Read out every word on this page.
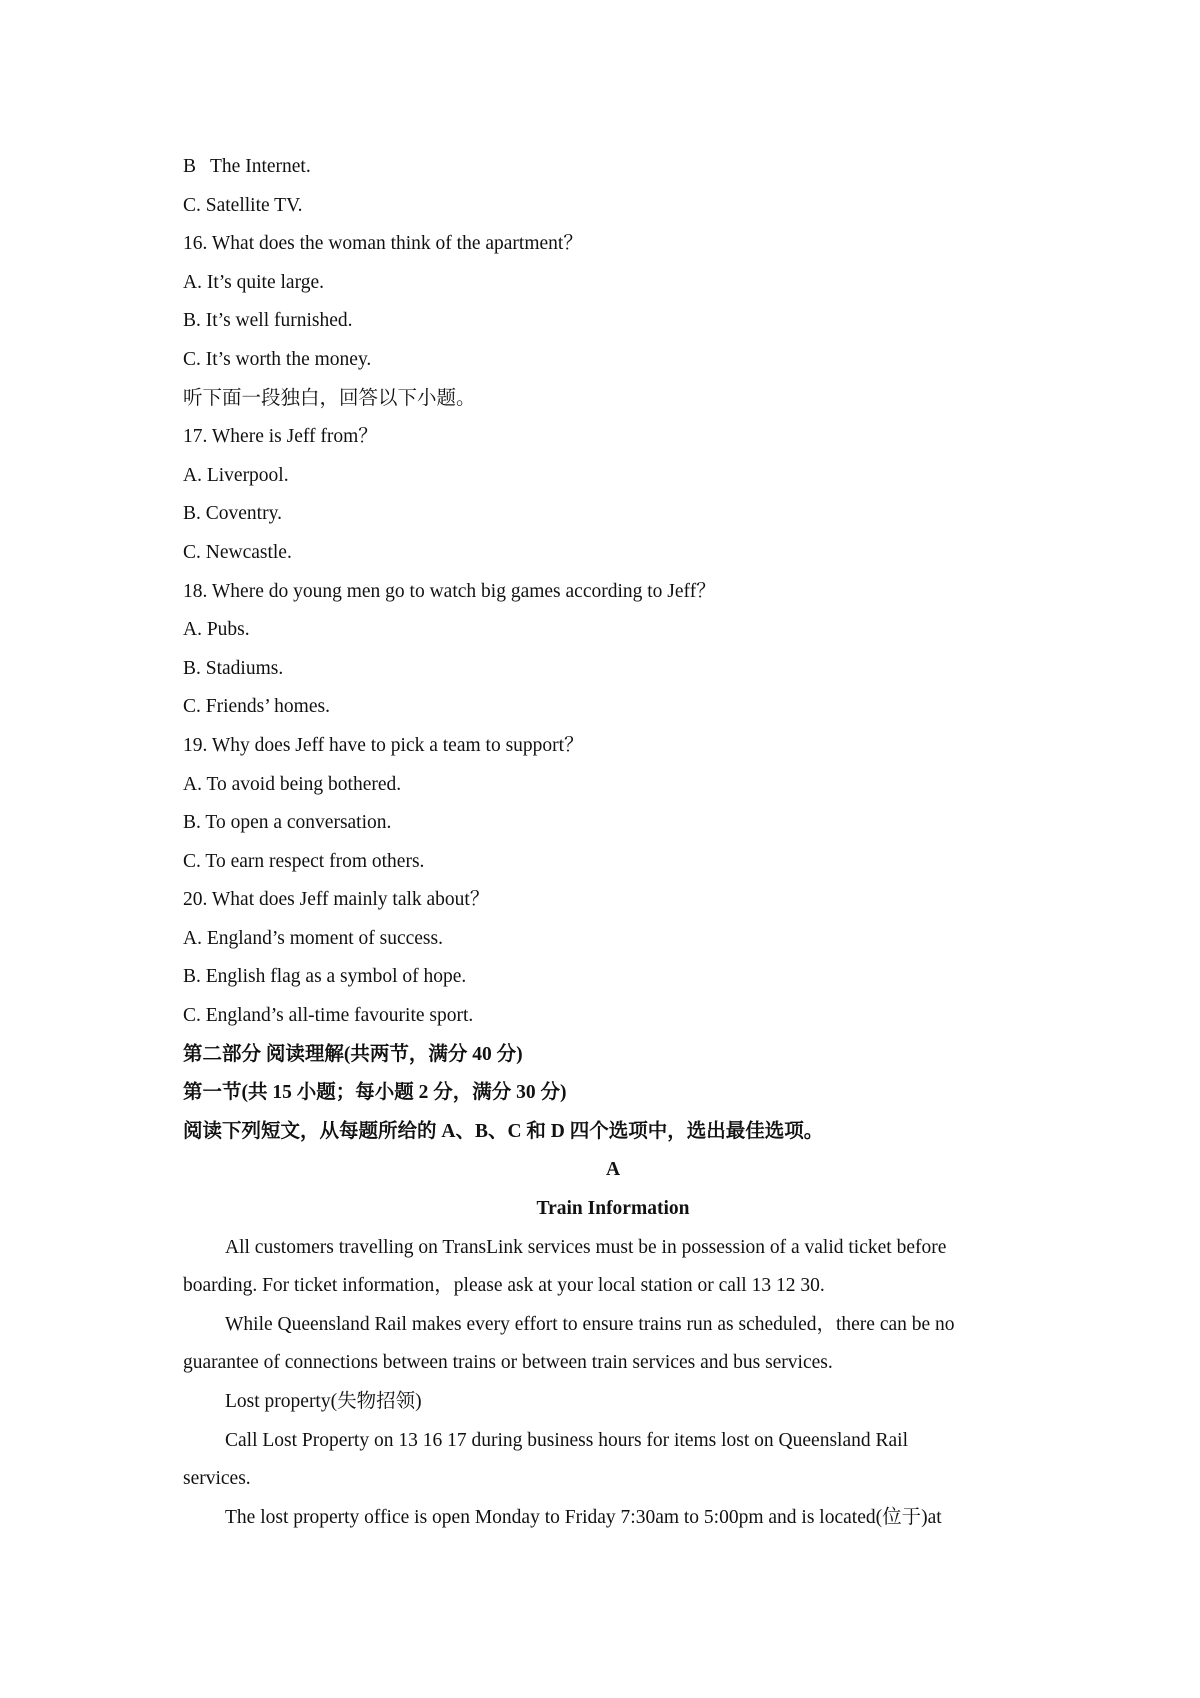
B The Internet.
C. Satellite TV.
16. What does the woman think of the apartment？
A. It’s quite large.
B. It’s well furnished.
C. It’s worth the money.
听下面一段独白，回答以下小题。
17. Where is Jeff from？
A. Liverpool.
B. Coventry.
C. Newcastle.
18. Where do young men go to watch big games according to Jeff？
A. Pubs.
B. Stadiums.
C. Friends’ homes.
19. Why does Jeff have to pick a team to support？
A. To avoid being bothered.
B. To open a conversation.
C. To earn respect from others.
20. What does Jeff mainly talk about？
A. England’s moment of success.
B. English flag as a symbol of hope.
C. England’s all-time favourite sport.
第二部分 阅读理解(共两节，满分 40 分)
第一节(共 15 小题；每小题 2 分，满分 30 分)
阅读下列短文，从每题所给的 A、B、C 和 D 四个选项中，选出最佳选项。
A
Train Information
All customers travelling on TransLink services must be in possession of a valid ticket before
boarding. For ticket information，please ask at your local station or call 13 12 30.
While Queensland Rail makes every effort to ensure trains run as scheduled，there can be no
guarantee of connections between trains or between train services and bus services.
Lost property(失物招领)
Call Lost Property on 13 16 17 during business hours for items lost on Queensland Rail
services.
The lost property office is open Monday to Friday 7:30am to 5:00pm and is located(位于)at
